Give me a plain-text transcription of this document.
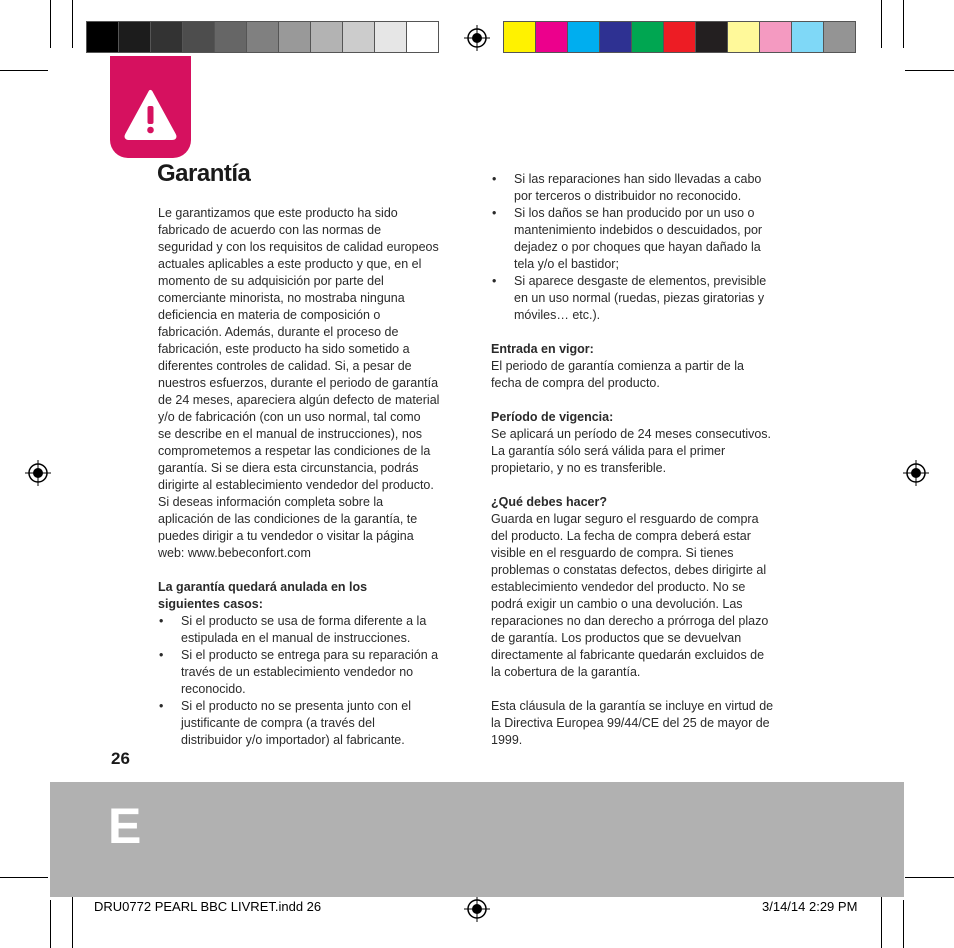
Garantía

Le garantizamos que este producto ha sido

fabricado de acuerdo con las normas de

seguridad y con los requisitos de calidad europeos

actuales aplicables a este producto y que, en el

momento de su adquisición por parte del

comerciante minorista, no mostraba ninguna

deficiencia en materia de composición o

fabricación. Además, durante el proceso de

fabricación, este producto ha sido sometido a

diferentes controles de calidad. Si, a pesar de

nuestros esfuerzos, durante el periodo de garantía

de 24 meses, apareciera algún defecto de material

y/o de fabricación (con un uso normal, tal como

se describe en el manual de instrucciones), nos

comprometemos a respetar las condiciones de la

garantía. Si se diera esta circunstancia, podrás

dirigirte al establecimiento vendedor del producto.

Si deseas información completa sobre la

aplicación de las condiciones de la garantía, te

puedes dirigir a tu vendedor o visitar la página

web: www.bebeconfort.com

La garantía quedará anulada en los

siguientes casos:

• Si el producto se usa de forma diferente a la

estipulada en el manual de instrucciones.

• Si el producto se entrega para su reparación a

través de un establecimiento vendedor no

reconocido.

• Si el producto no se presenta junto con el

justificante de compra (a través del

distribuidor y/o importador) al fabricante.

• Si las reparaciones han sido llevadas a cabo

por terceros o distribuidor no reconocido.

• Si los daños se han producido por un uso o

mantenimiento indebidos o descuidados, por

dejadez o por choques que hayan dañado la

tela y/o el bastidor;

• Si aparece desgaste de elementos, previsible

en un uso normal (ruedas, piezas giratorias y

móviles… etc.).

Entrada en vigor:

El periodo de garantía comienza a partir de la

fecha de compra del producto.

Período de vigencia:

Se aplicará un período de 24 meses consecutivos.

La garantía sólo será válida para el primer

propietario, y no es transferible.

¿Qué debes hacer?

Guarda en lugar seguro el resguardo de compra

del producto. La fecha de compra deberá estar

visible en el resguardo de compra. Si tienes

problemas o constatas defectos, debes dirigirte al

establecimiento vendedor del producto. No se

podrá exigir un cambio o una devolución. Las

reparaciones no dan derecho a prórroga del plazo

de garantía. Los productos que se devuelvan

directamente al fabricante quedarán excluidos de

la cobertura de la garantía.

Esta cláusula de la garantía se incluye en virtud de

la Directiva Europea 99/44/CE del 25 de mayor de

1999.

26
E
DRU0772 PEARL BBC LIVRET.indd 26	3/14/14 2:29 PM
